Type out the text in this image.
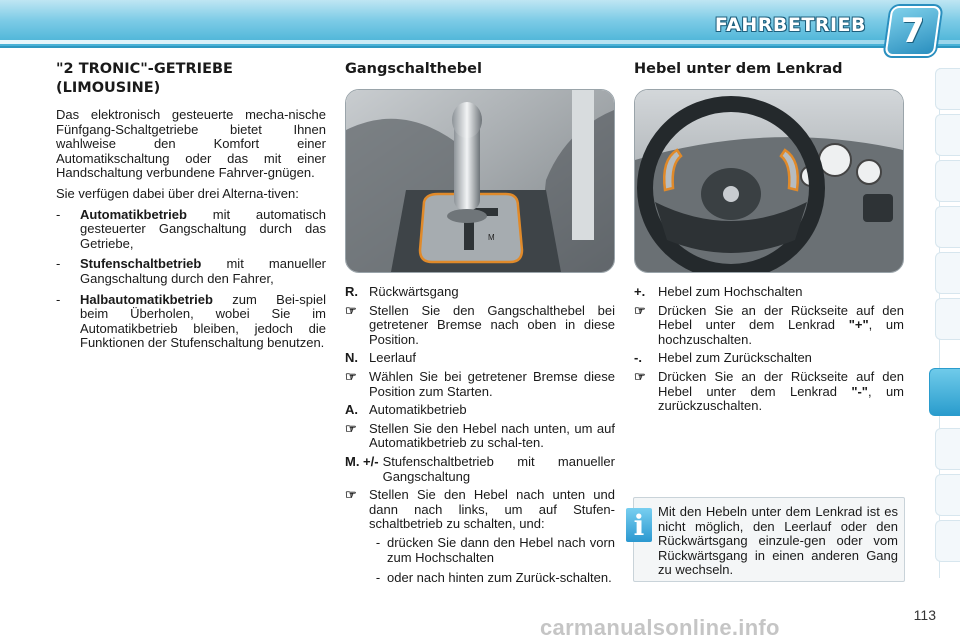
FAHRBETRIEB 7
"2 TRONIC"-GETRIEBE
(LIMOUSINE)

Das elektronisch gesteuerte mecha-nische Fünfgang-Schaltgetriebe bietet Ihnen wahlweise den Komfort einer Automatikschaltung oder das mit einer Handschaltung verbundene Fahrver-gnügen.

Sie verfügen dabei über drei Alterna-tiven:

-	Automatikbetrieb mit automatisch gesteuerter Gangschaltung durch das Getriebe,
-	Stufenschaltbetrieb mit manueller Gangschaltung durch den Fahrer,
-	Halbautomatikbetrieb zum Bei-spiel beim Überholen, wobei Sie im Automatikbetrieb bleiben, jedoch die Funktionen der Stufenschaltung benutzen.
Gangschalthebel
M
R. Rückwärtsgang
☞ Stellen Sie den Gangschalthebel bei getretener Bremse nach oben in diese Position.
N. Leerlauf
☞ Wählen Sie bei getretener Bremse diese Position zum Starten.
A. Automatikbetrieb
☞ Stellen Sie den Hebel nach unten, um auf Automatikbetrieb zu schal-ten.
M. +/- Stufenschaltbetrieb mit manueller Gangschaltung
☞ Stellen Sie den Hebel nach unten und dann nach links, um auf Stufen-schaltbetrieb zu schalten, und:
- drücken Sie dann den Hebel nach vorn zum Hochschalten
- oder nach hinten zum Zurück-schalten.
Hebel unter dem Lenkrad
+. Hebel zum Hochschalten
☞ Drücken Sie an der Rückseite auf den Hebel unter dem Lenkrad "+", um hochzuschalten.
-.	Hebel zum Zurückschalten
☞ Drücken Sie an der Rückseite auf den Hebel unter dem Lenkrad "-", um zurückzuschalten.
i	Mit den Hebeln unter dem Lenkrad ist es nicht möglich, den Leerlauf oder den Rückwärtsgang einzule-gen oder vom Rückwärtsgang in einen anderen Gang zu wechseln.
carmanualsonline.info	113
